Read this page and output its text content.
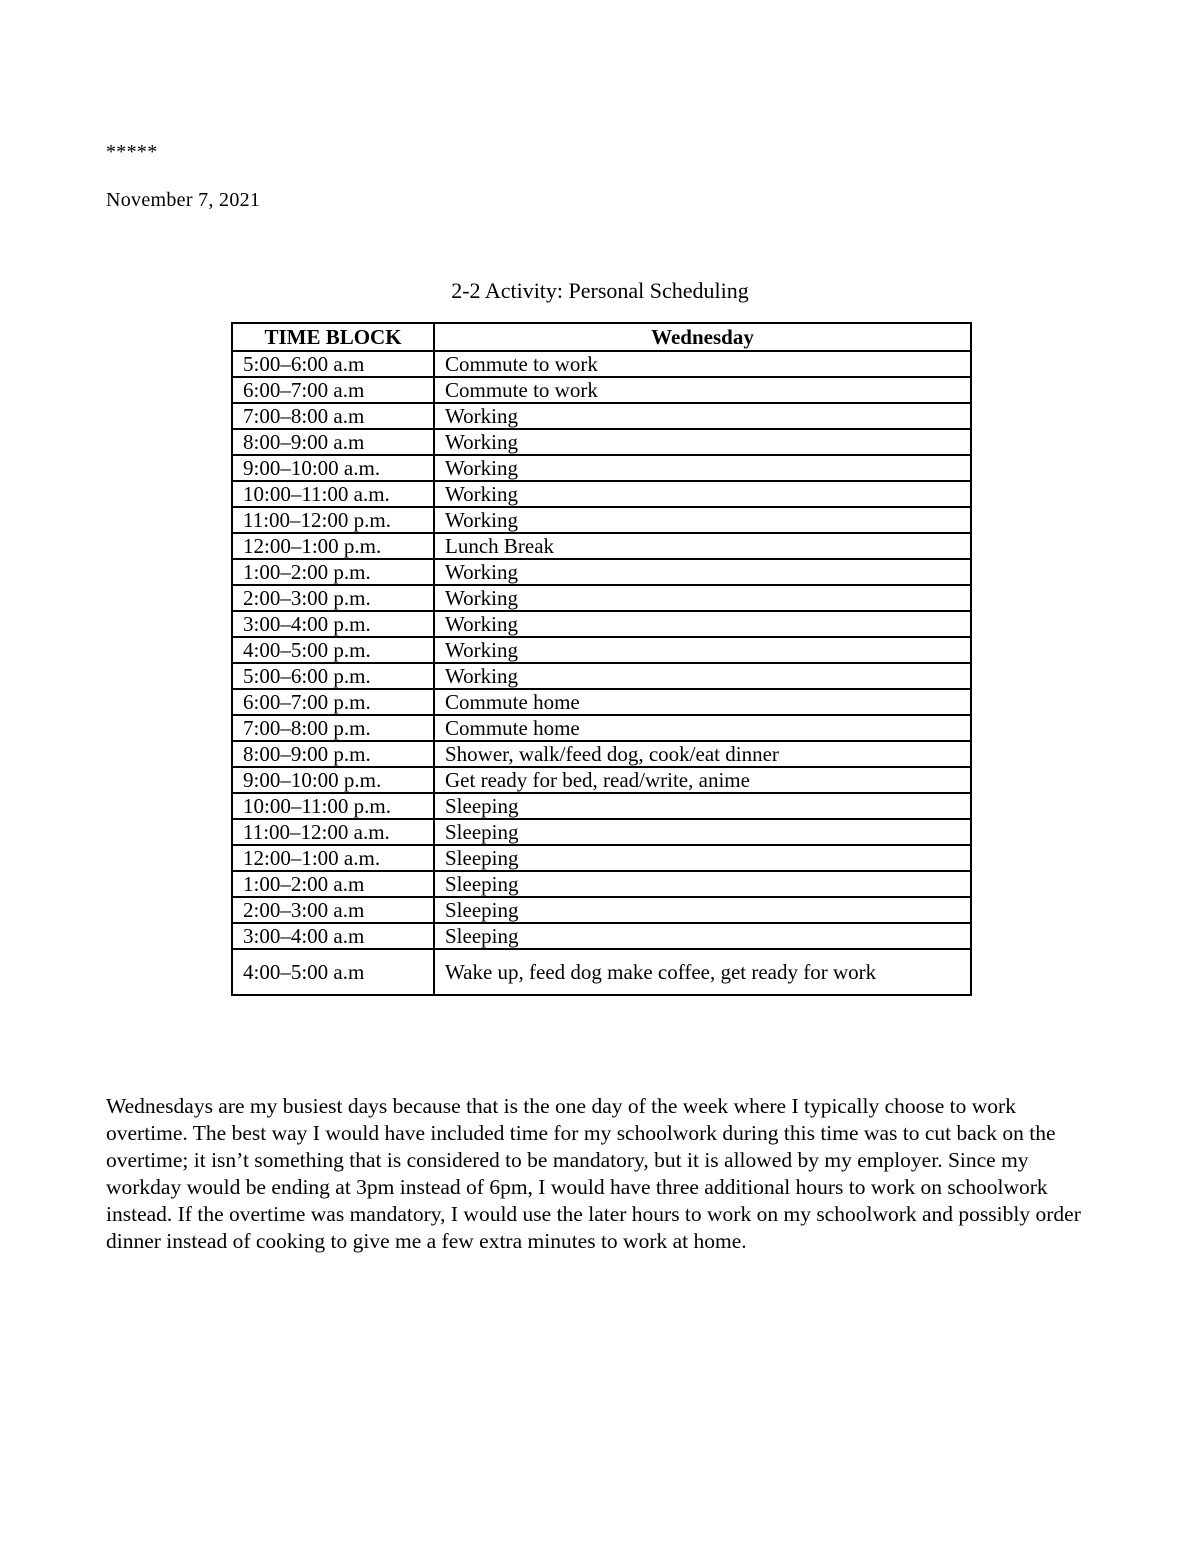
*****
November 7, 2021
2-2 Activity: Personal Scheduling
TIME BLOCK	Wednesday
5:00–6:00 a.m	Commute to work
6:00–7:00 a.m	Commute to work
7:00–8:00 a.m	Working
8:00–9:00 a.m	Working
9:00–10:00 a.m.	Working
10:00–11:00 a.m.	Working
11:00–12:00 p.m.	Working
12:00–1:00 p.m.	Lunch Break
1:00–2:00 p.m.	Working
2:00–3:00 p.m.	Working
3:00–4:00 p.m.	Working
4:00–5:00 p.m.	Working
5:00–6:00 p.m.	Working
6:00–7:00 p.m.	Commute home
7:00–8:00 p.m.	Commute home
8:00–9:00 p.m.	Shower, walk/feed dog, cook/eat dinner
9:00–10:00 p.m.	Get ready for bed, read/write, anime
10:00–11:00 p.m.	Sleeping
11:00–12:00 a.m.	Sleeping
12:00–1:00 a.m.	Sleeping
1:00–2:00 a.m	Sleeping
2:00–3:00 a.m	Sleeping
3:00–4:00 a.m	Sleeping
4:00–5:00 a.m	Wake up, feed dog make coffee, get ready for work

Wednesdays are my busiest days because that is the one day of the week where I typically choose to work overtime. The best way I would have included time for my schoolwork during this time was to cut back on the overtime; it isn’t something that is considered to be mandatory, but it is allowed by my employer. Since my workday would be ending at 3pm instead of 6pm, I would have three additional hours to work on schoolwork instead. If the overtime was mandatory, I would use the later hours to work on my schoolwork and possibly order dinner instead of cooking to give me a few extra minutes to work at home.
